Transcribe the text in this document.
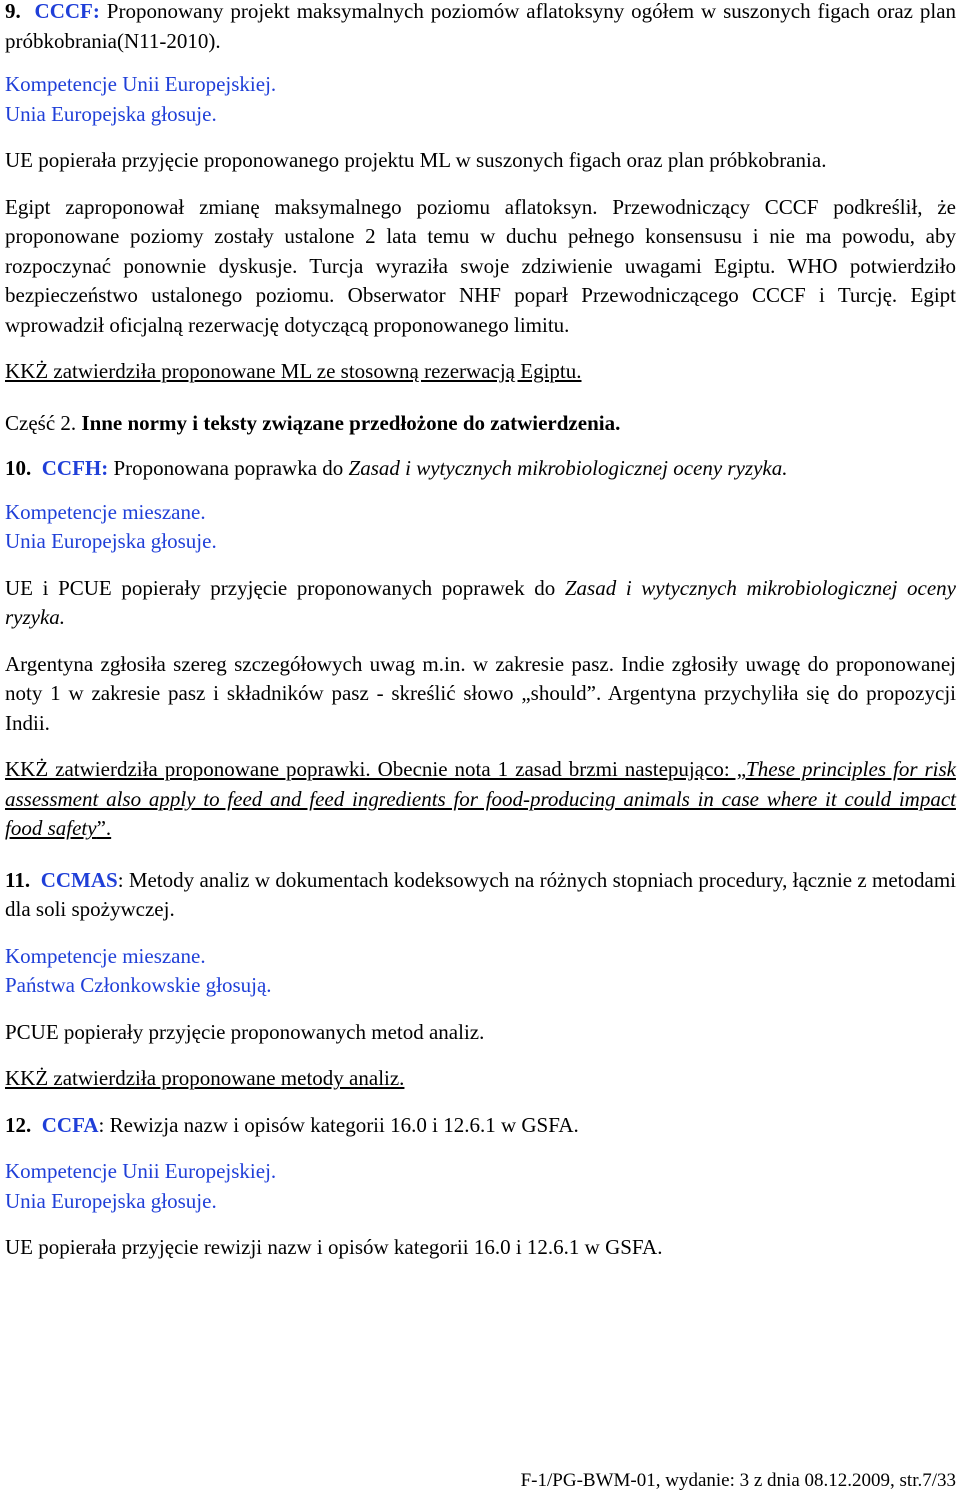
9. CCCF: Proponowany projekt maksymalnych poziomów aflatoksyny ogółem w suszonych figach oraz plan próbkobrania(N11-2010).

Kompetencje Unii Europejskiej.

Unia Europejska głosuje.

UE popierała przyjęcie proponowanego projektu ML w suszonych figach oraz plan próbkobrania.

Egipt zaproponował zmianę maksymalnego poziomu aflatoksyn. Przewodniczący CCCF podkreślił, że proponowane poziomy zostały ustalone 2 lata temu w duchu pełnego konsensusu i nie ma powodu, aby rozpoczynać ponownie dyskusje. Turcja wyraziła swoje zdziwienie uwagami Egiptu. WHO potwierdziło bezpieczeństwo ustalonego poziomu. Obserwator NHF poparł Przewodniczącego CCCF i Turcję. Egipt wprowadził oficjalną rezerwację dotyczącą proponowanego limitu.

KKŻ zatwierdziła proponowane ML ze stosowną rezerwacją Egiptu.

Część 2. Inne normy i teksty związane przedłożone do zatwierdzenia.

10. CCFH: Proponowana poprawka do Zasad i wytycznych mikrobiologicznej oceny ryzyka.

Kompetencje mieszane.

Unia Europejska głosuje.

UE i PCUE popierały przyjęcie proponowanych poprawek do Zasad i wytycznych mikrobiologicznej oceny ryzyka.

Argentyna zgłosiła szereg szczegółowych uwag m.in. w zakresie pasz. Indie zgłosiły uwagę do proponowanej noty 1 w zakresie pasz i składników pasz - skreślić słowo „should”. Argentyna przychyliła się do propozycji Indii.

KKŻ zatwierdziła proponowane poprawki. Obecnie nota 1 zasad brzmi nastepująco: „These principles for risk assessment also apply to feed and feed ingredients for food-producing animals in case where it could impact food safety”.

11. CCMAS: Metody analiz w dokumentach kodeksowych na różnych stopniach procedury, łącznie z metodami dla soli spożywczej.

Kompetencje mieszane.

Państwa Członkowskie głosują.

PCUE popierały przyjęcie proponowanych metod analiz.

KKŻ zatwierdziła proponowane metody analiz.

12. CCFA: Rewizja nazw i opisów kategorii 16.0 i 12.6.1 w GSFA.

Kompetencje Unii Europejskiej.

Unia Europejska głosuje.

UE popierała przyjęcie rewizji nazw i opisów kategorii 16.0 i 12.6.1 w GSFA.

F-1/PG-BWM-01, wydanie: 3 z dnia 08.12.2009, str.7/33
